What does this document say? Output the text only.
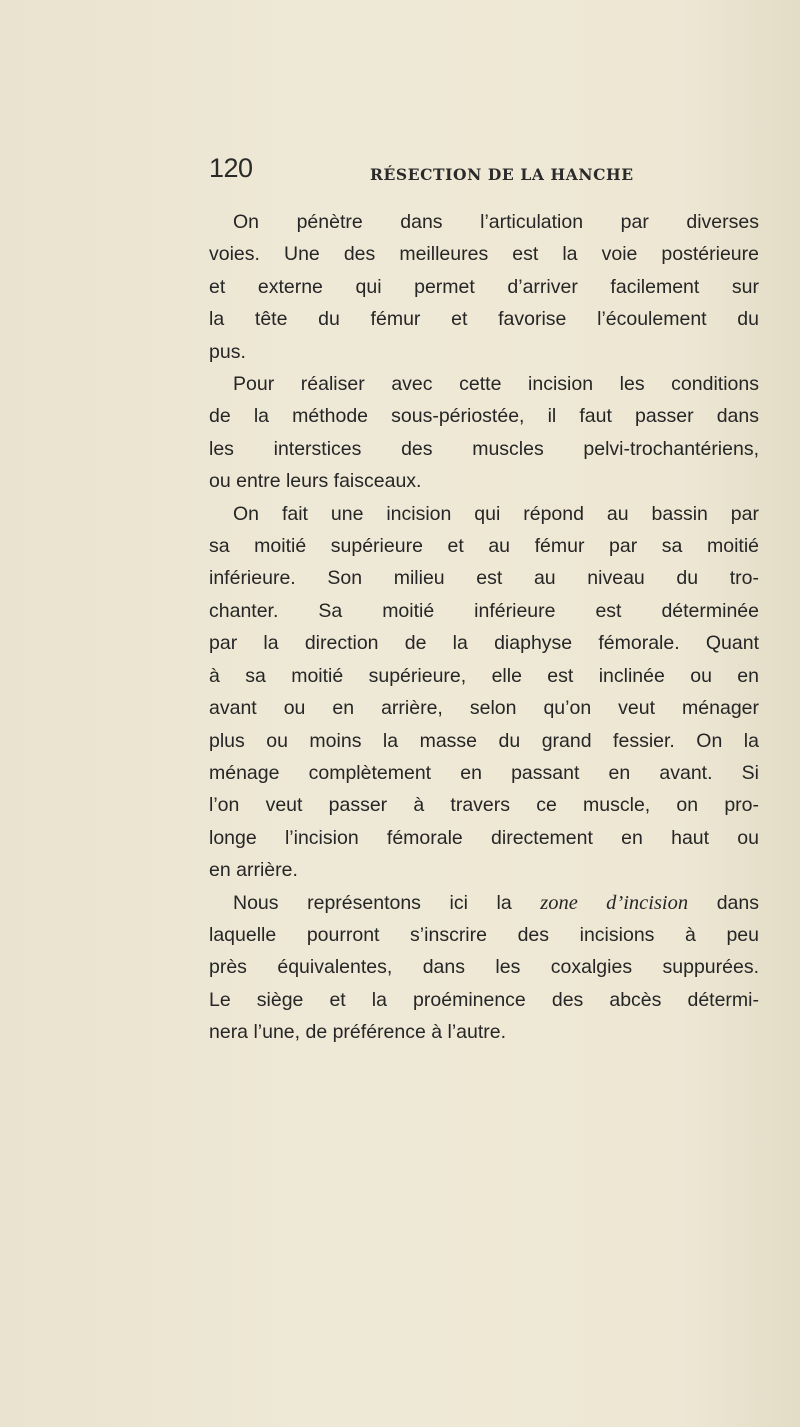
120	RÉSECTION DE LA HANCHE
On pénètre dans l’articulation par diverses
voies. Une des meilleures est la voie postérieure
et externe qui permet d’arriver facilement sur
la tête du fémur et favorise l’écoulement du
pus.
Pour réaliser avec cette incision les conditions
de la méthode sous-périostée, il faut passer dans
les interstices des muscles pelvi-trochantériens,
ou entre leurs faisceaux.
On fait une incision qui répond au bassin par
sa moitié supérieure et au fémur par sa moitié
inférieure. Son milieu est au niveau du tro-
chanter. Sa moitié inférieure est déterminée
par la direction de la diaphyse fémorale. Quant
à sa moitié supérieure, elle est inclinée ou en
avant ou en arrière, selon qu’on veut ménager
plus ou moins la masse du grand fessier. On la
ménage complètement en passant en avant. Si
l’on veut passer à travers ce muscle, on pro-
longe l’incision fémorale directement en haut ou
en arrière.
Nous représentons ici la zone d’incision dans
laquelle pourront s’inscrire des incisions à peu
près équivalentes, dans les coxalgies suppurées.
Le siège et la proéminence des abcès détermi-
nera l’une, de préférence à l’autre.
